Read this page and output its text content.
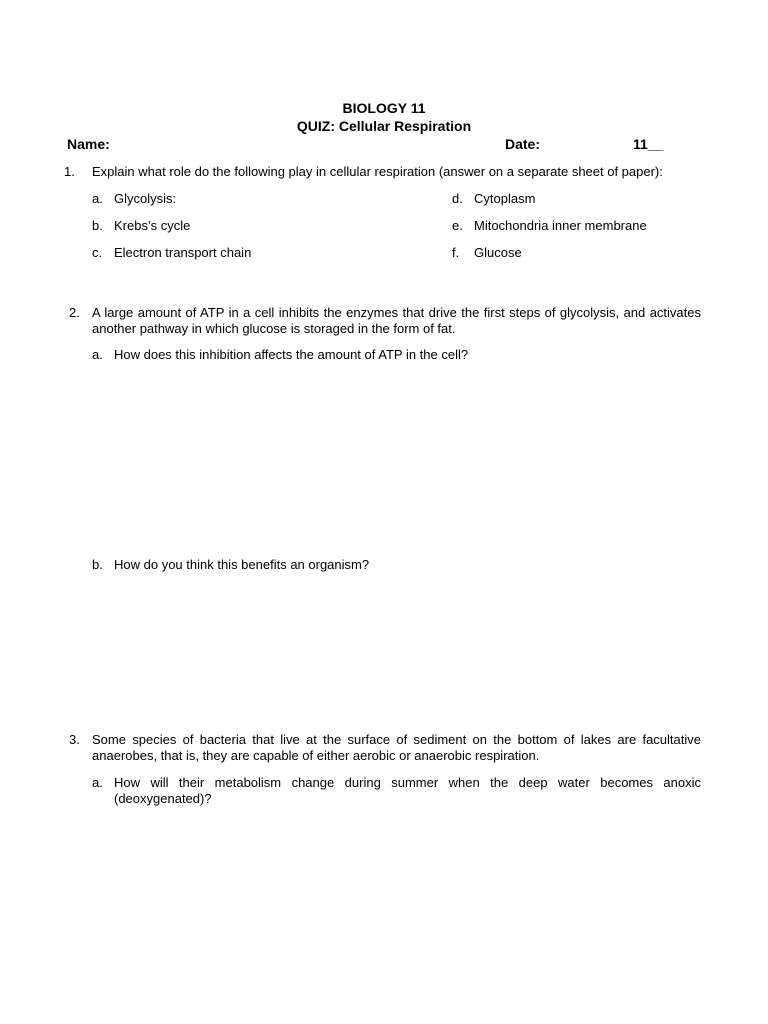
BIOLOGY 11
QUIZ: Cellular Respiration
Name:	Date:	11__
1. Explain what role do the following play in cellular respiration (answer on a separate sheet of paper):
a. Glycolysis:
b. Krebs’s cycle
c. Electron transport chain
d. Cytoplasm
e. Mitochondria inner membrane
f. Glucose
2. A large amount of ATP in a cell inhibits the enzymes that drive the first steps of glycolysis, and activates another pathway in which glucose is storaged in the form of fat.
a. How does this inhibition affects the amount of ATP in the cell?
b. How do you think this benefits an organism?
3. Some species of bacteria that live at the surface of sediment on the bottom of lakes are facultative anaerobes, that is, they are capable of either aerobic or anaerobic respiration.
a. How will their metabolism change during summer when the deep water becomes anoxic (deoxygenated)?
